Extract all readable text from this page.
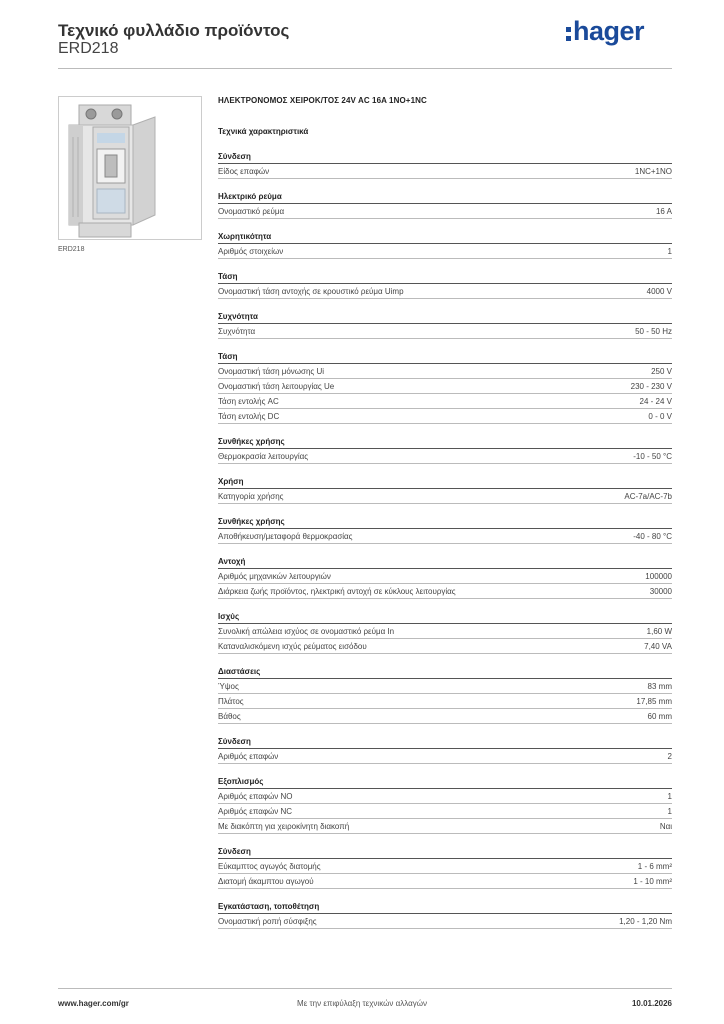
Τεχνικό φυλλάδιο προϊόντος
ERD218
hager
ERD218
ΗΛΕΚΤΡΟΝΟΜΟΣ ΧΕΙΡΟΚ/ΤΟΣ 24V AC 16A 1NO+1NC
Τεχνικά χαρακτηριστικά
Σύνδεση
Είδος επαφών	1NC+1NO
Ηλεκτρικό ρεύμα
Ονομαστικό ρεύμα	16 A
Χωρητικότητα
Αριθμός στοιχείων	1
Τάση
Ονομαστική τάση αντοχής σε κρουστικό ρεύμα Uimp	4000 V
Συχνότητα
Συχνότητα	50 - 50 Hz
Τάση
Ονομαστική τάση μόνωσης Ui	250 V
Ονομαστική τάση λειτουργίας Ue	230 - 230 V
Τάση εντολής AC	24 - 24 V
Τάση εντολής DC	0 - 0 V
Συνθήκες χρήσης
Θερμοκρασία λειτουργίας	-10 - 50 °C
Χρήση
Κατηγορία χρήσης	AC-7a/AC-7b
Συνθήκες χρήσης
Αποθήκευση/μεταφορά θερμοκρασίας	-40 - 80 °C
Αντοχή
Αριθμός μηχανικών λειτουργιών	100000
Διάρκεια ζωής προϊόντος, ηλεκτρική αντοχή σε κύκλους λειτουργίας	30000
Ισχύς
Συνολική απώλεια ισχύος σε ονομαστικό ρεύμα In	1,60 W
Καταναλισκόμενη ισχύς ρεύματος εισόδου	7,40 VA
Διαστάσεις
Ύψος	83 mm
Πλάτος	17,85 mm
Βάθος	60 mm
Σύνδεση
Αριθμός επαφών	2
Εξοπλισμός
Αριθμός επαφών NO	1
Αριθμός επαφών NC	1
Με διακόπτη για χειροκίνητη διακοπή	Ναι
Σύνδεση
Εύκαμπτος αγωγός διατομής	1 - 6 mm²
Διατομή άκαμπτου αγωγού	1 - 10 mm²
Εγκατάσταση, τοποθέτηση
Ονομαστική ροπή σύσφιξης	1,20 - 1,20 Nm
www.hager.com/gr	Με την επιφύλαξη τεχνικών αλλαγών	10.01.2026
